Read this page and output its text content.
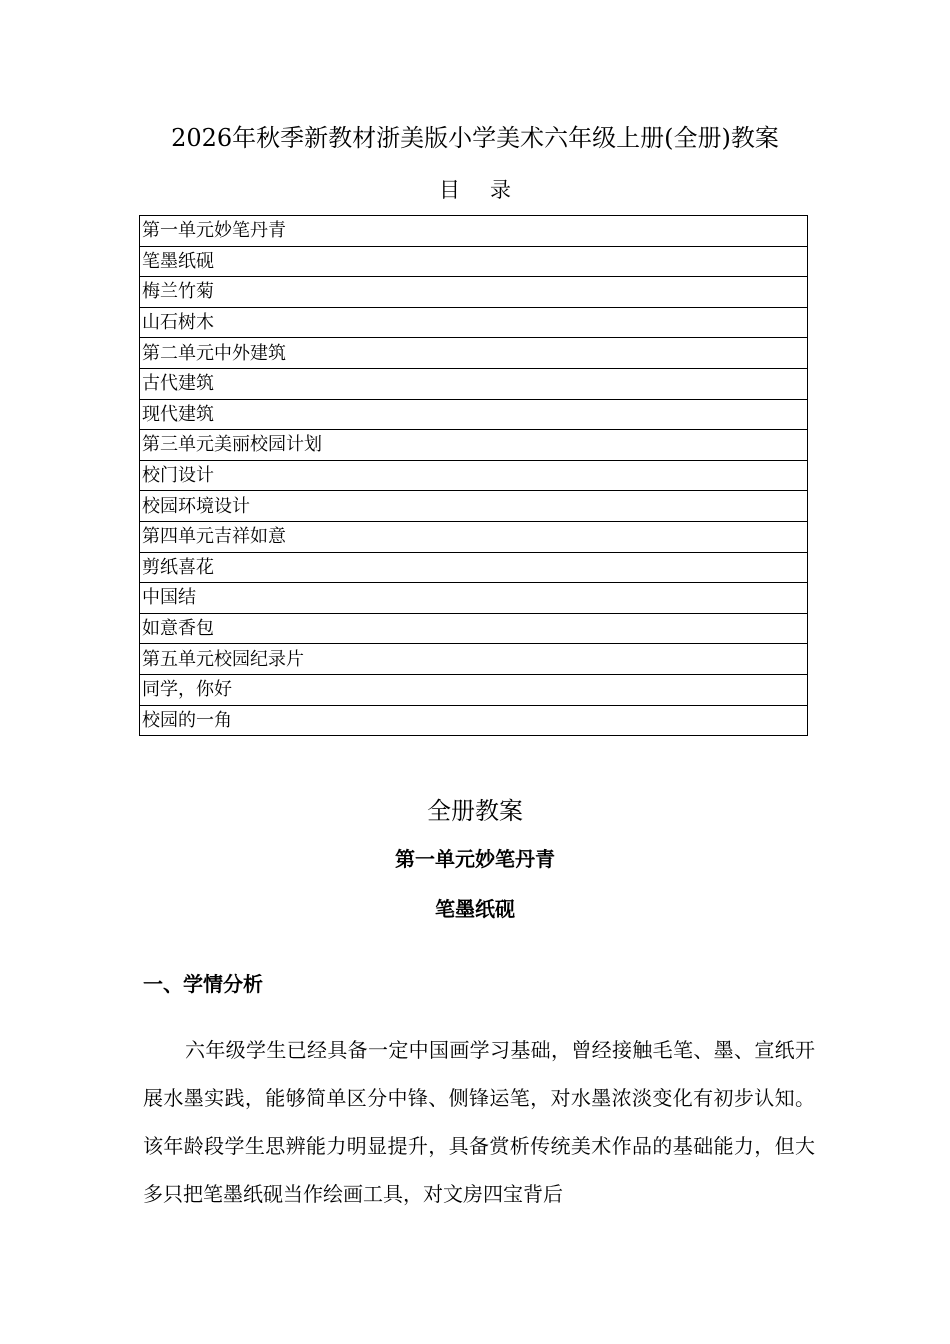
2026年秋季新教材浙美版小学美术六年级上册(全册)教案
目录
第一单元妙笔丹青
笔墨纸砚
梅兰竹菊
山石树木
第二单元中外建筑
古代建筑
现代建筑
第三单元美丽校园计划
校门设计
校园环境设计
第四单元吉祥如意
剪纸喜花
中国结
如意香包
第五单元校园纪录片
同学，你好
校园的一角
全册教案
第一单元妙笔丹青
笔墨纸砚
一、学情分析

六年级学生已经具备一定中国画学习基础，曾经接触毛笔、墨、宣纸开展水墨实践，能够简单区分中锋、侧锋运笔，对水墨浓淡变化有初步认知。该年龄段学生思辨能力明显提升，具备赏析传统美术作品的基础能力，但大多只把笔墨纸砚当作绘画工具，对文房四宝背后
